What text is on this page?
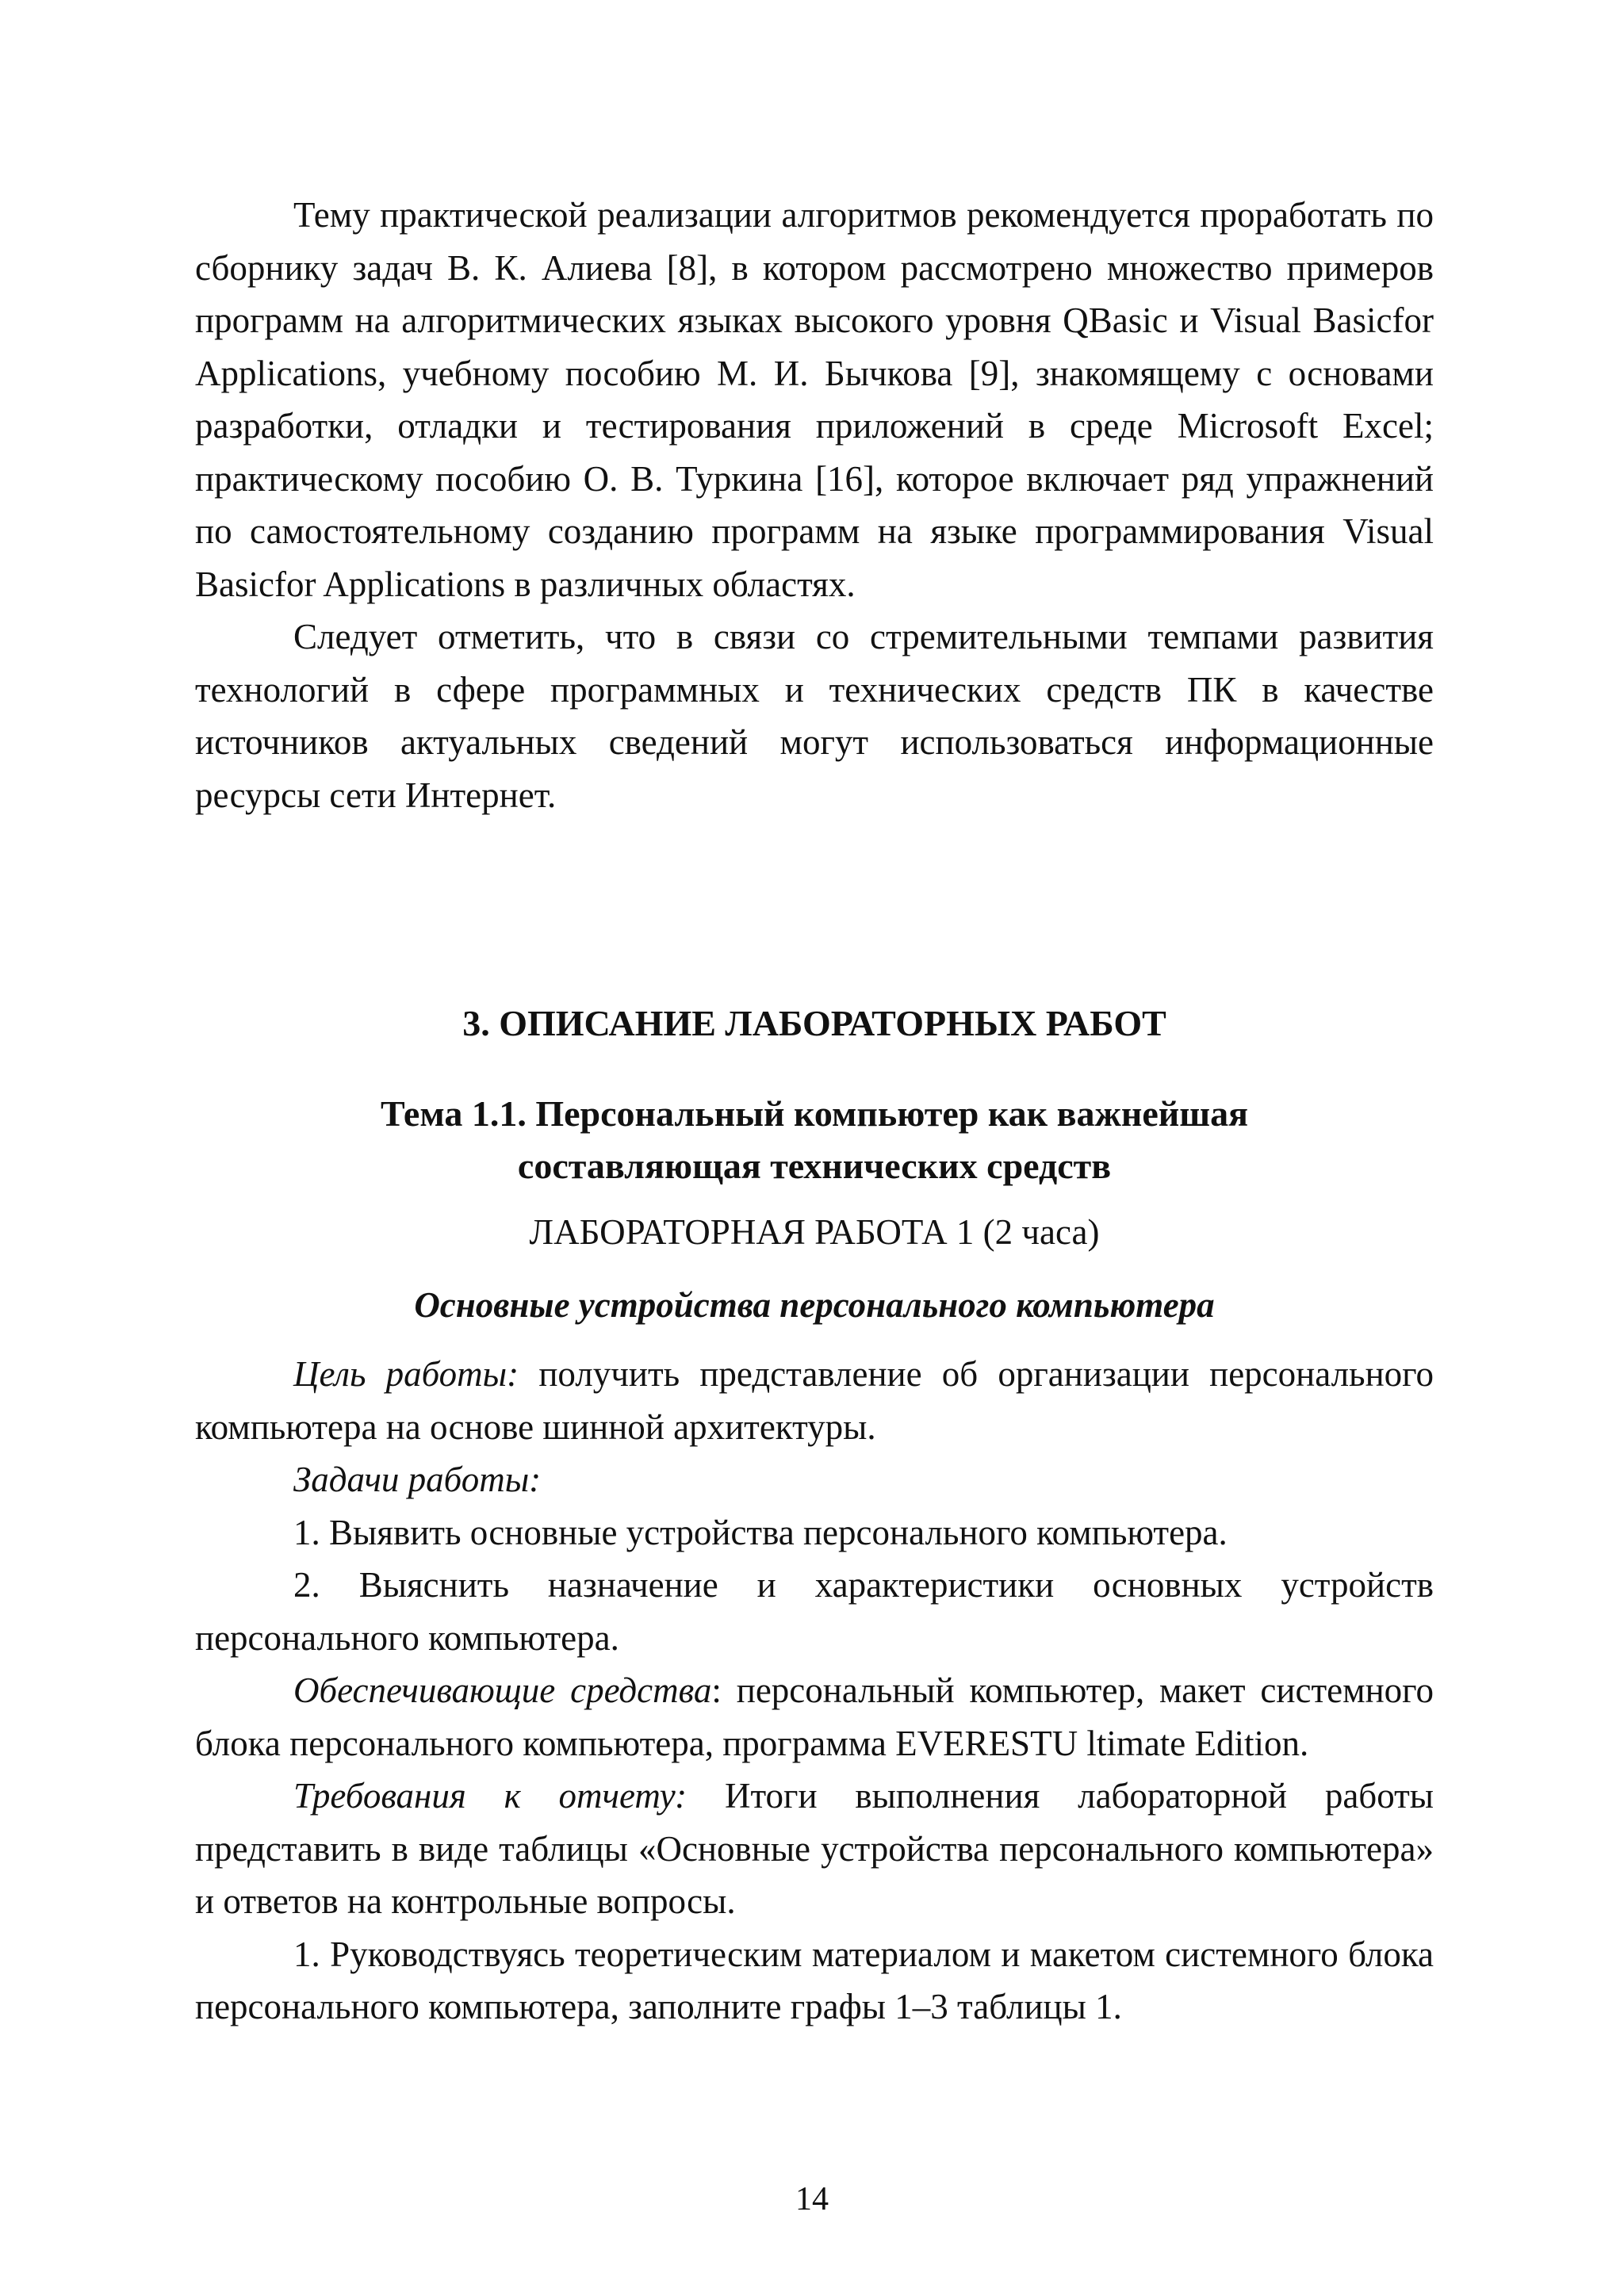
Тему практической реализации алгоритмов рекомендуется проработать по сборнику задач В. К. Алиева [8], в котором рассмотрено множество примеров программ на алгоритмических языках высокого уровня QBasic и Visual Basicfor Applications, учебному пособию М. И. Бычкова [9], знакомящему с основами разработки, отладки и тестирования приложений в среде Microsoft Excel; практическому пособию О. В. Туркина [16], которое включает ряд упражнений по самостоятельному созданию программ на языке программирования Visual Basicfor Applications в различных областях.

Следует отметить, что в связи со стремительными темпами развития технологий в сфере программных и технических средств ПК в качестве источников актуальных сведений могут использоваться информационные ресурсы сети Интернет.

3. ОПИСАНИЕ ЛАБОРАТОРНЫХ РАБОТ

Тема 1.1. Персональный компьютер как важнейшая
составляющая технических средств

ЛАБОРАТОРНАЯ РАБОТА 1 (2 часа)

Основные устройства персонального компьютера

Цель работы: получить представление об организации персонального компьютера на основе шинной архитектуры.

Задачи работы:

1. Выявить основные устройства персонального компьютера.

2. Выяснить назначение и характеристики основных устройств персонального компьютера.

Обеспечивающие средства: персональный компьютер, макет системного блока персонального компьютера, программа EVERESTU ltimate Edition.

Требования к отчету: Итоги выполнения лабораторной работы представить в виде таблицы «Основные устройства персонального компьютера» и ответов на контрольные вопросы.

1. Руководствуясь теоретическим материалом и макетом системного блока персонального компьютера, заполните графы 1–3 таблицы 1.

14
